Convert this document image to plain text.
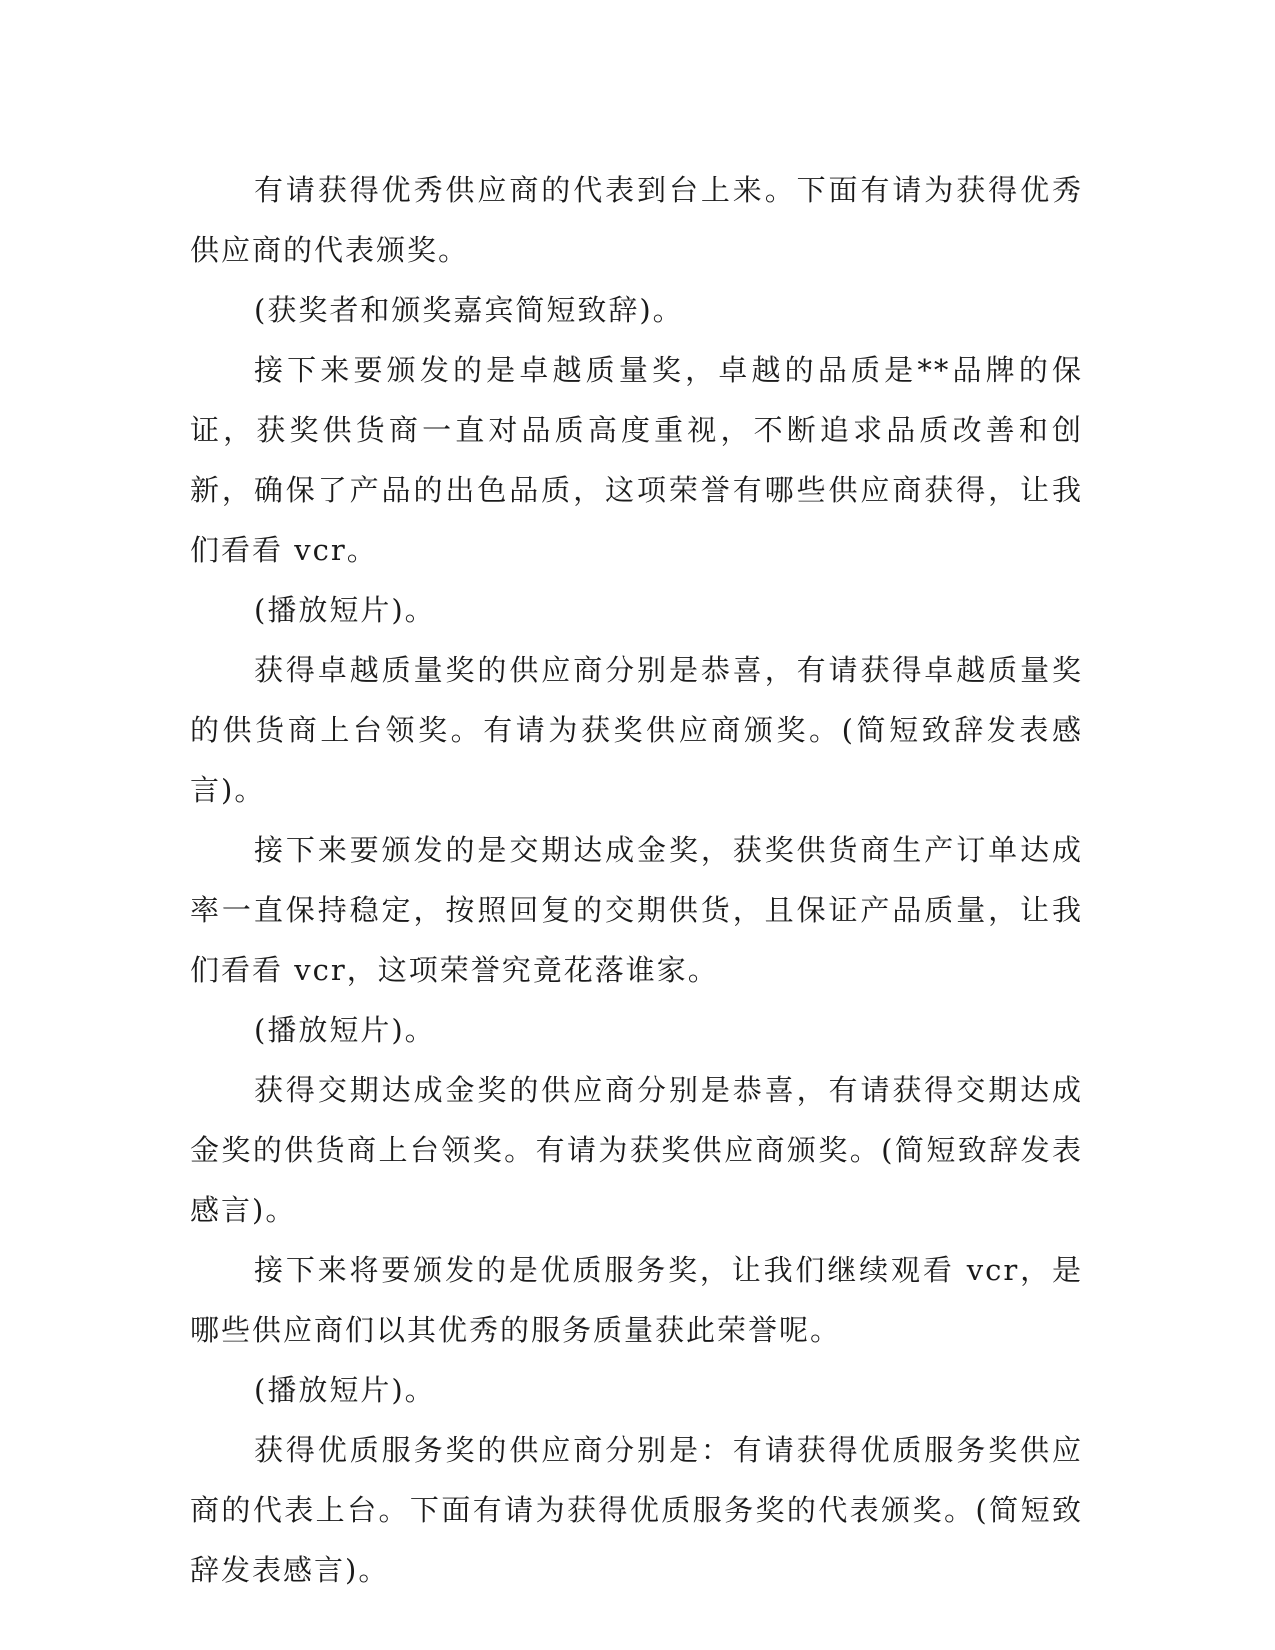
有请获得优秀供应商的代表到台上来。下面有请为获得优秀供应商的代表颁奖。

(获奖者和颁奖嘉宾简短致辞)。

接下来要颁发的是卓越质量奖，卓越的品质是**品牌的保证，获奖供货商一直对品质高度重视，不断追求品质改善和创新，确保了产品的出色品质，这项荣誉有哪些供应商获得，让我们看看 vcr。

(播放短片)。

获得卓越质量奖的供应商分别是恭喜，有请获得卓越质量奖的供货商上台领奖。有请为获奖供应商颁奖。(简短致辞发表感言)。

接下来要颁发的是交期达成金奖，获奖供货商生产订单达成率一直保持稳定，按照回复的交期供货，且保证产品质量，让我们看看 vcr，这项荣誉究竟花落谁家。

(播放短片)。

获得交期达成金奖的供应商分别是恭喜，有请获得交期达成金奖的供货商上台领奖。有请为获奖供应商颁奖。(简短致辞发表感言)。

接下来将要颁发的是优质服务奖，让我们继续观看 vcr，是哪些供应商们以其优秀的服务质量获此荣誉呢。

(播放短片)。

获得优质服务奖的供应商分别是：有请获得优质服务奖供应商的代表上台。下面有请为获得优质服务奖的代表颁奖。(简短致辞发表感言)。
